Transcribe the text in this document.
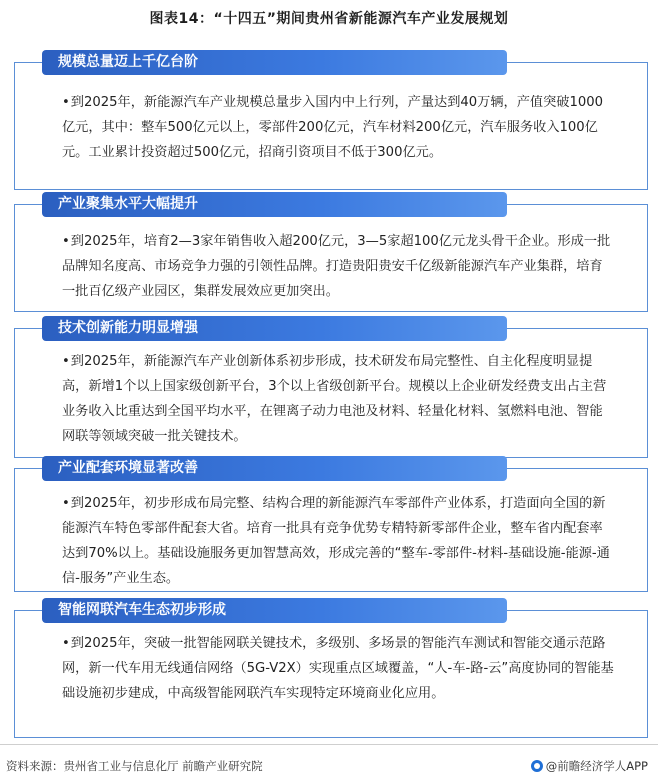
图表14：“十四五”期间贵州省新能源汽车产业发展规划
规模总量迈上千亿台阶

•到2025年，新能源汽车产业规模总量步入国内中上行列，产量达到40万辆，产值突破1000亿元，其中：整车500亿元以上，零部件200亿元，汽车材料200亿元，汽车服务收入100亿元。工业累计投资超过500亿元，招商引资项目不低于300亿元。

产业聚集水平大幅提升

•到2025年，培育2—3家年销售收入超200亿元，3—5家超100亿元龙头骨干企业。形成一批品牌知名度高、市场竞争力强的引领性品牌。打造贵阳贵安千亿级新能源汽车产业集群，培育一批百亿级产业园区，集群发展效应更加突出。

技术创新能力明显增强

•到2025年，新能源汽车产业创新体系初步形成，技术研发布局完整性、自主化程度明显提高，新增1个以上国家级创新平台，3个以上省级创新平台。规模以上企业研发经费支出占主营业务收入比重达到全国平均水平，在锂离子动力电池及材料、轻量化材料、氢燃料电池、智能网联等领域突破一批关键技术。

产业配套环境显著改善

•到2025年，初步形成布局完整、结构合理的新能源汽车零部件产业体系，打造面向全国的新能源汽车特色零部件配套大省。培育一批具有竞争优势专精特新零部件企业，整车省内配套率达到70%以上。基础设施服务更加智慧高效，形成完善的“整车-零部件-材料-基础设施-能源-通信-服务”产业生态。

智能网联汽车生态初步形成

•到2025年，突破一批智能网联关键技术，多级别、多场景的智能汽车测试和智能交通示范路网，新一代车用无线通信网络（5G-V2X）实现重点区域覆盖，“人-车-路-云”高度协同的智能基础设施初步建成，中高级智能网联汽车实现特定环境商业化应用。

资料来源：贵州省工业与信息化厅 前瞻产业研究院	@前瞻经济学人APP
